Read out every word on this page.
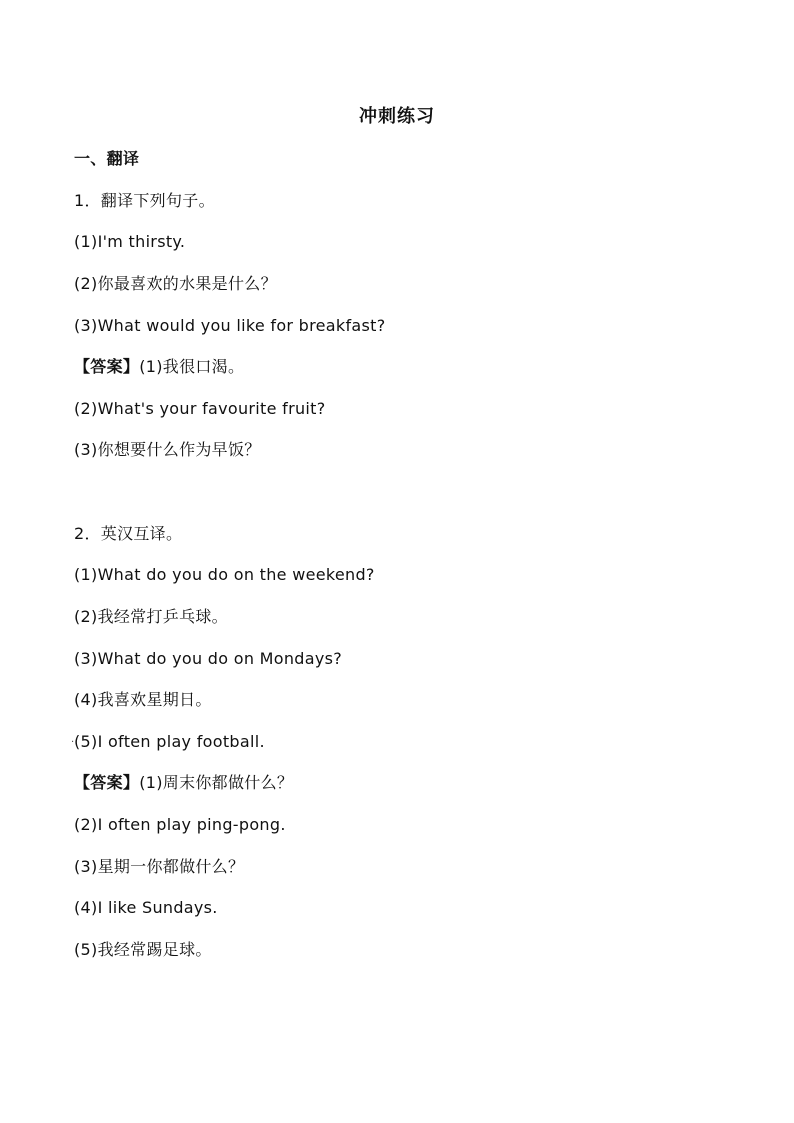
冲刺练习
一、翻译
1．翻译下列句子。
(1)I'm thirsty.
(2)你最喜欢的水果是什么？
(3)What would you like for breakfast?
【答案】(1)我很口渴。
(2)What's your favourite fruit?
(3)你想要什么作为早饭？
2．英汉互译。
(1)What do you do on the weekend?
(2)我经常打乒乓球。
(3)What do you do on Mondays?
(4)我喜欢星期日。
· (5)I often play football.
【答案】(1)周末你都做什么？
(2)I often play ping-pong.
(3)星期一你都做什么？
(4)I like Sundays.
(5)我经常踢足球。
